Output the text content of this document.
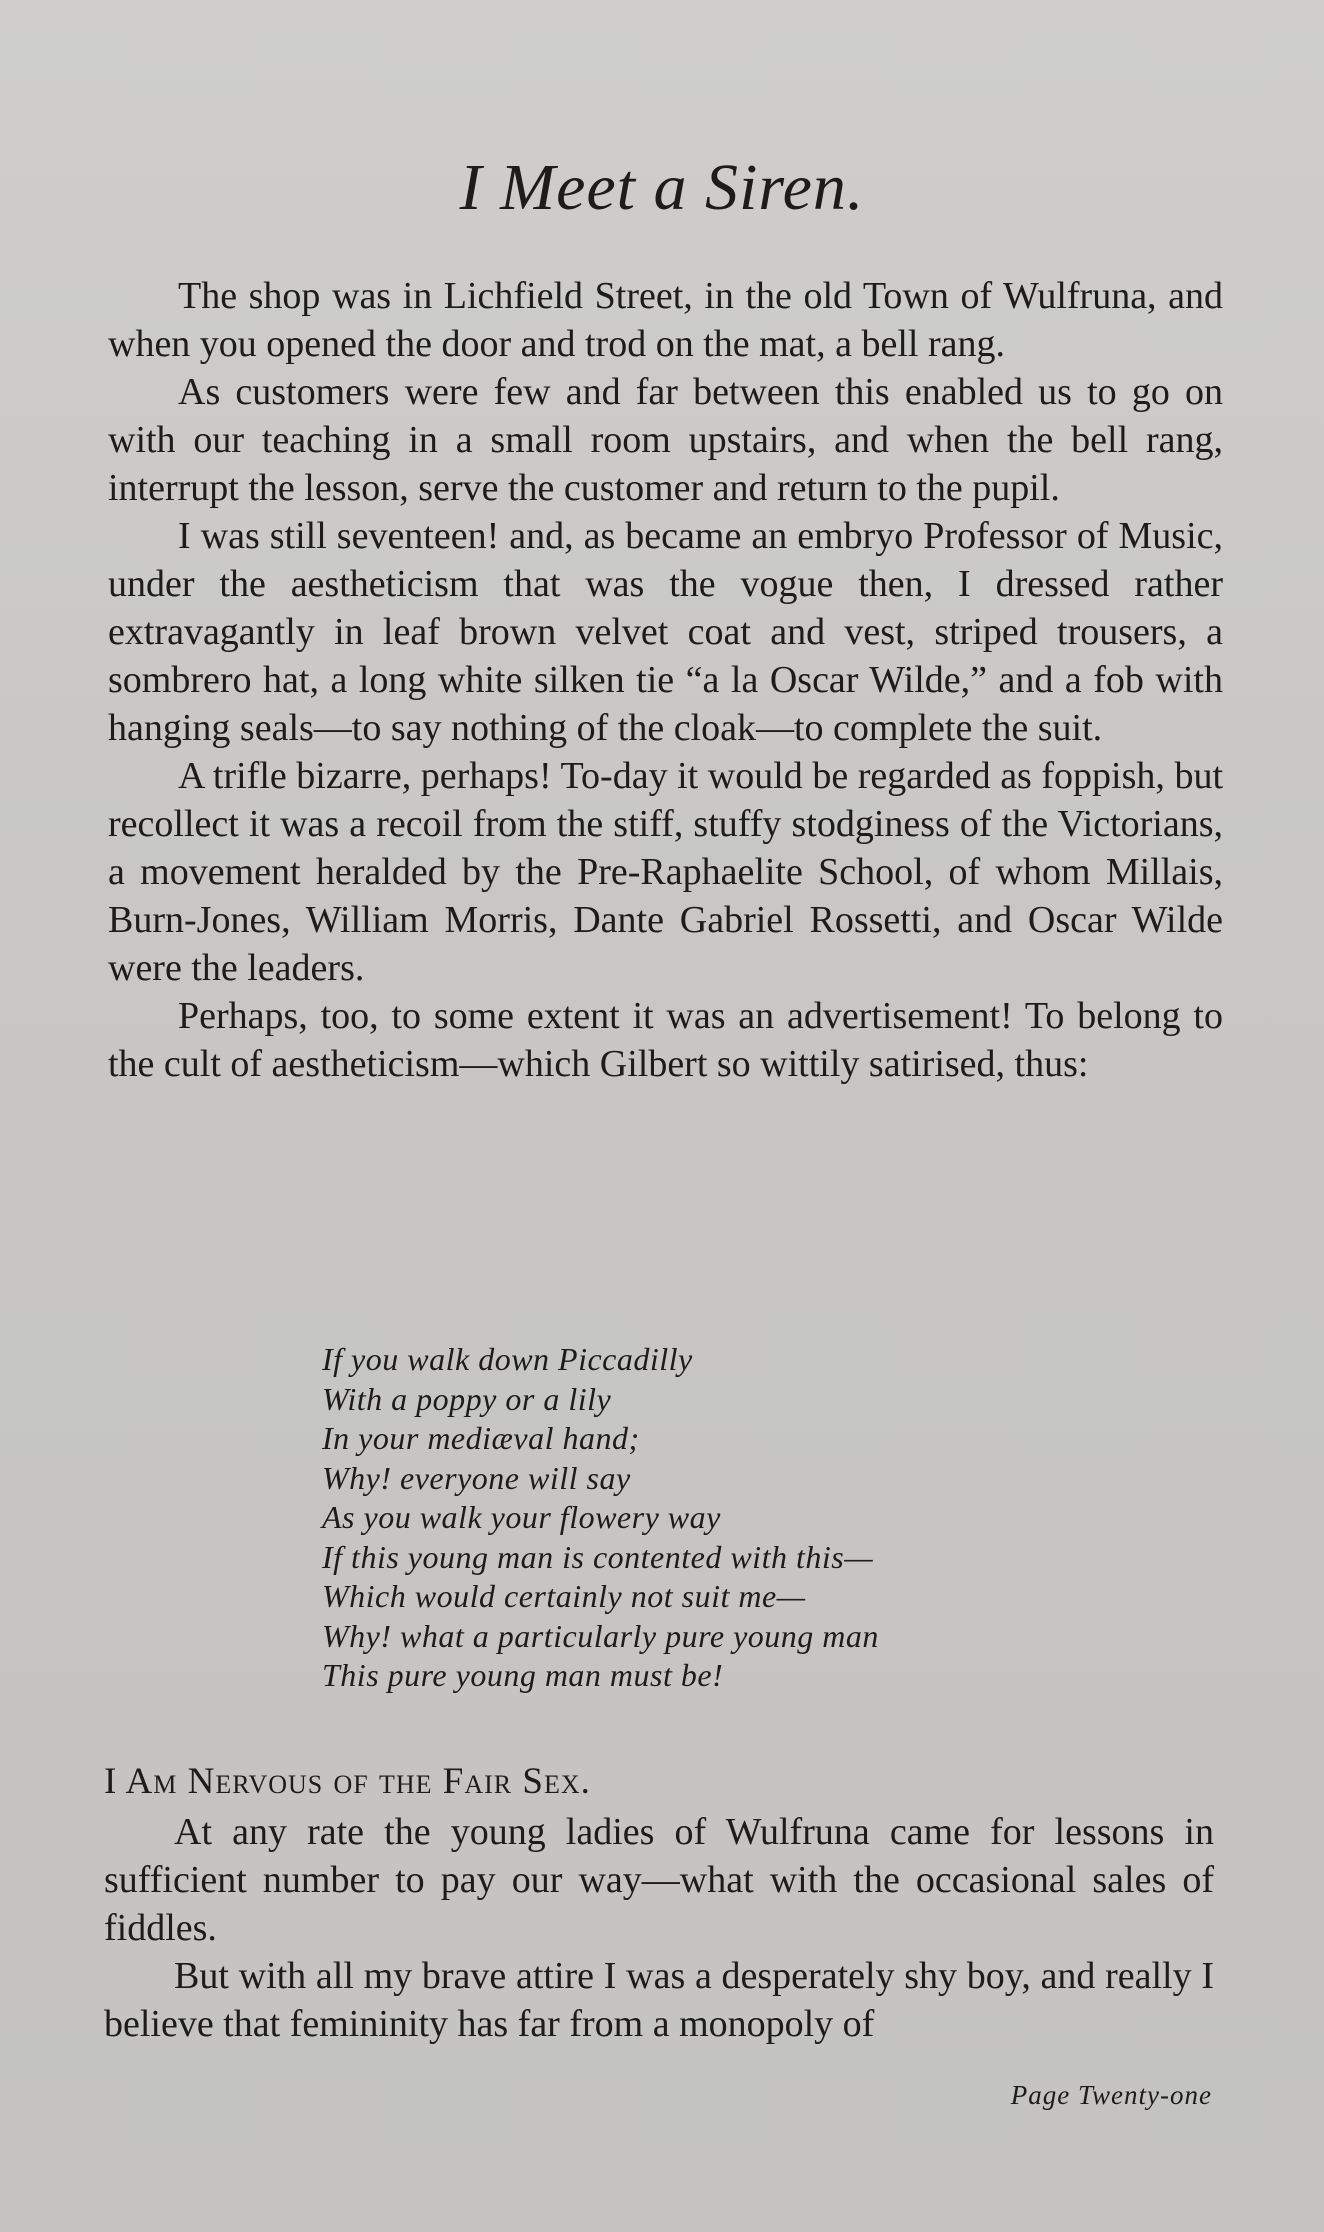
I Meet a Siren.

The shop was in Lichfield Street, in the old Town of Wulfruna, and when you opened the door and trod on the mat, a bell rang.

As customers were few and far between this enabled us to go on with our teaching in a small room upstairs, and when the bell rang, interrupt the lesson, serve the customer and return to the pupil.

I was still seventeen! and, as became an embryo Professor of Music, under the aestheticism that was the vogue then, I dressed rather extravagantly in leaf brown velvet coat and vest, striped trousers, a sombrero hat, a long white silken tie “a la Oscar Wilde,” and a fob with hanging seals—to say nothing of the cloak—to complete the suit.

A trifle bizarre, perhaps! To-day it would be regarded as foppish, but recollect it was a recoil from the stiff, stuffy stodginess of the Victorians, a movement heralded by the Pre-Raphaelite School, of whom Millais, Burn-Jones, William Morris, Dante Gabriel Rossetti, and Oscar Wilde were the leaders.

Perhaps, too, to some extent it was an advertisement! To belong to the cult of aestheticism—which Gilbert so wittily satirised, thus:

If you walk down Piccadilly
With a poppy or a lily
In your mediæval hand;
Why! everyone will say
As you walk your flowery way
If this young man is contented with this—
Which would certainly not suit me—
Why! what a particularly pure young man
This pure young man must be!
I Am Nervous of the Fair Sex.

At any rate the young ladies of Wulfruna came for lessons in sufficient number to pay our way—what with the occasional sales of fiddles.

But with all my brave attire I was a desperately shy boy, and really I believe that femininity has far from a monopoly of

Page Twenty-one
